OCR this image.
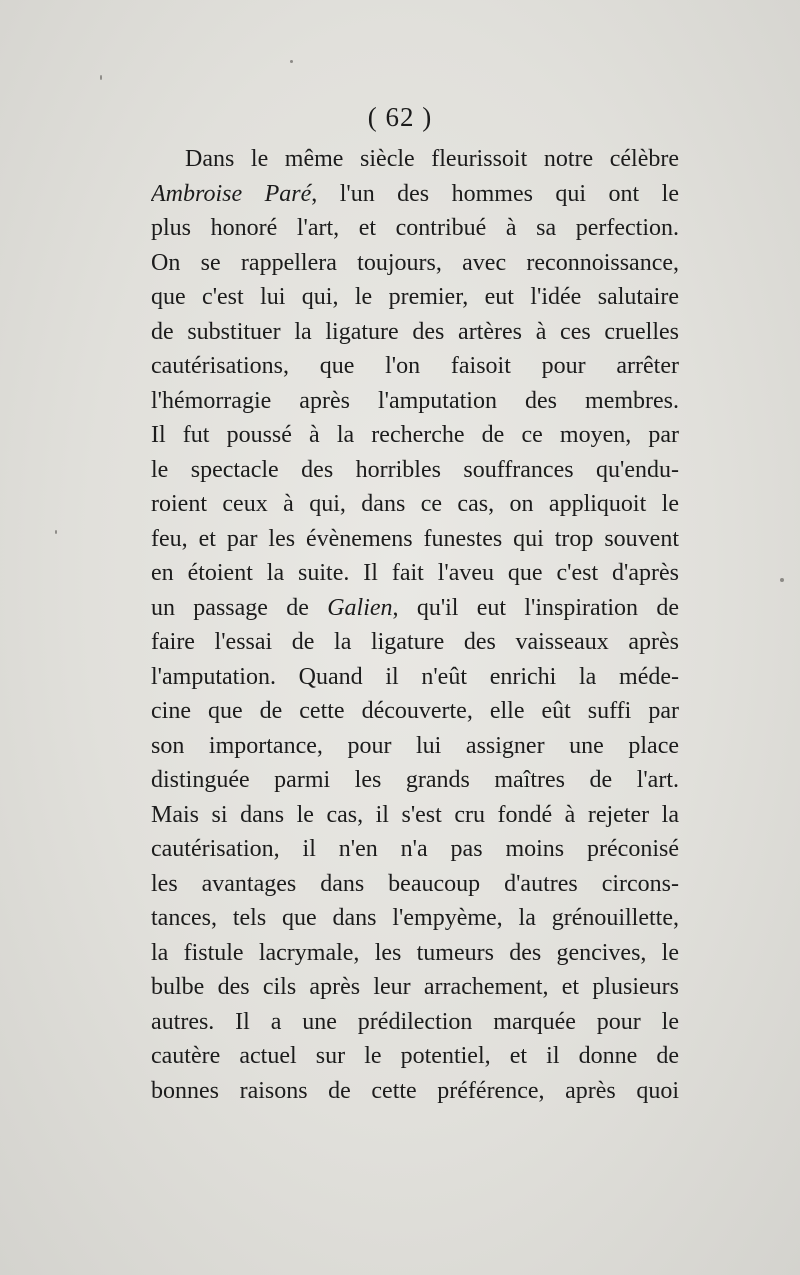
( 62 )
Dans le même siècle fleurissoit notre célèbre
Ambroise Paré, l'un des hommes qui ont le
plus honoré l'art, et contribué à sa perfection.
On se rappellera toujours, avec reconnoissance,
que c'est lui qui, le premier, eut l'idée salutaire
de substituer la ligature des artères à ces cruelles
cautérisations, que l'on faisoit pour arrêter
l'hémorragie après l'amputation des membres.
Il fut poussé à la recherche de ce moyen, par
le spectacle des horribles souffrances qu'endu-
roient ceux à qui, dans ce cas, on appliquoit le
feu, et par les évènemens funestes qui trop souvent
en étoient la suite. Il fait l'aveu que c'est d'après
un passage de Galien, qu'il eut l'inspiration de
faire l'essai de la ligature des vaisseaux après
l'amputation. Quand il n'eût enrichi la méde-
cine que de cette découverte, elle eût suffi par
son importance, pour lui assigner une place
distinguée parmi les grands maîtres de l'art.
Mais si dans le cas, il s'est cru fondé à rejeter la
cautérisation, il n'en n'a pas moins préconisé
les avantages dans beaucoup d'autres circons-
tances, tels que dans l'empyème, la grénouillette,
la fistule lacrymale, les tumeurs des gencives, le
bulbe des cils après leur arrachement, et plusieurs
autres. Il a une prédilection marquée pour le
cautère actuel sur le potentiel, et il donne de
bonnes raisons de cette préférence, après quoi
